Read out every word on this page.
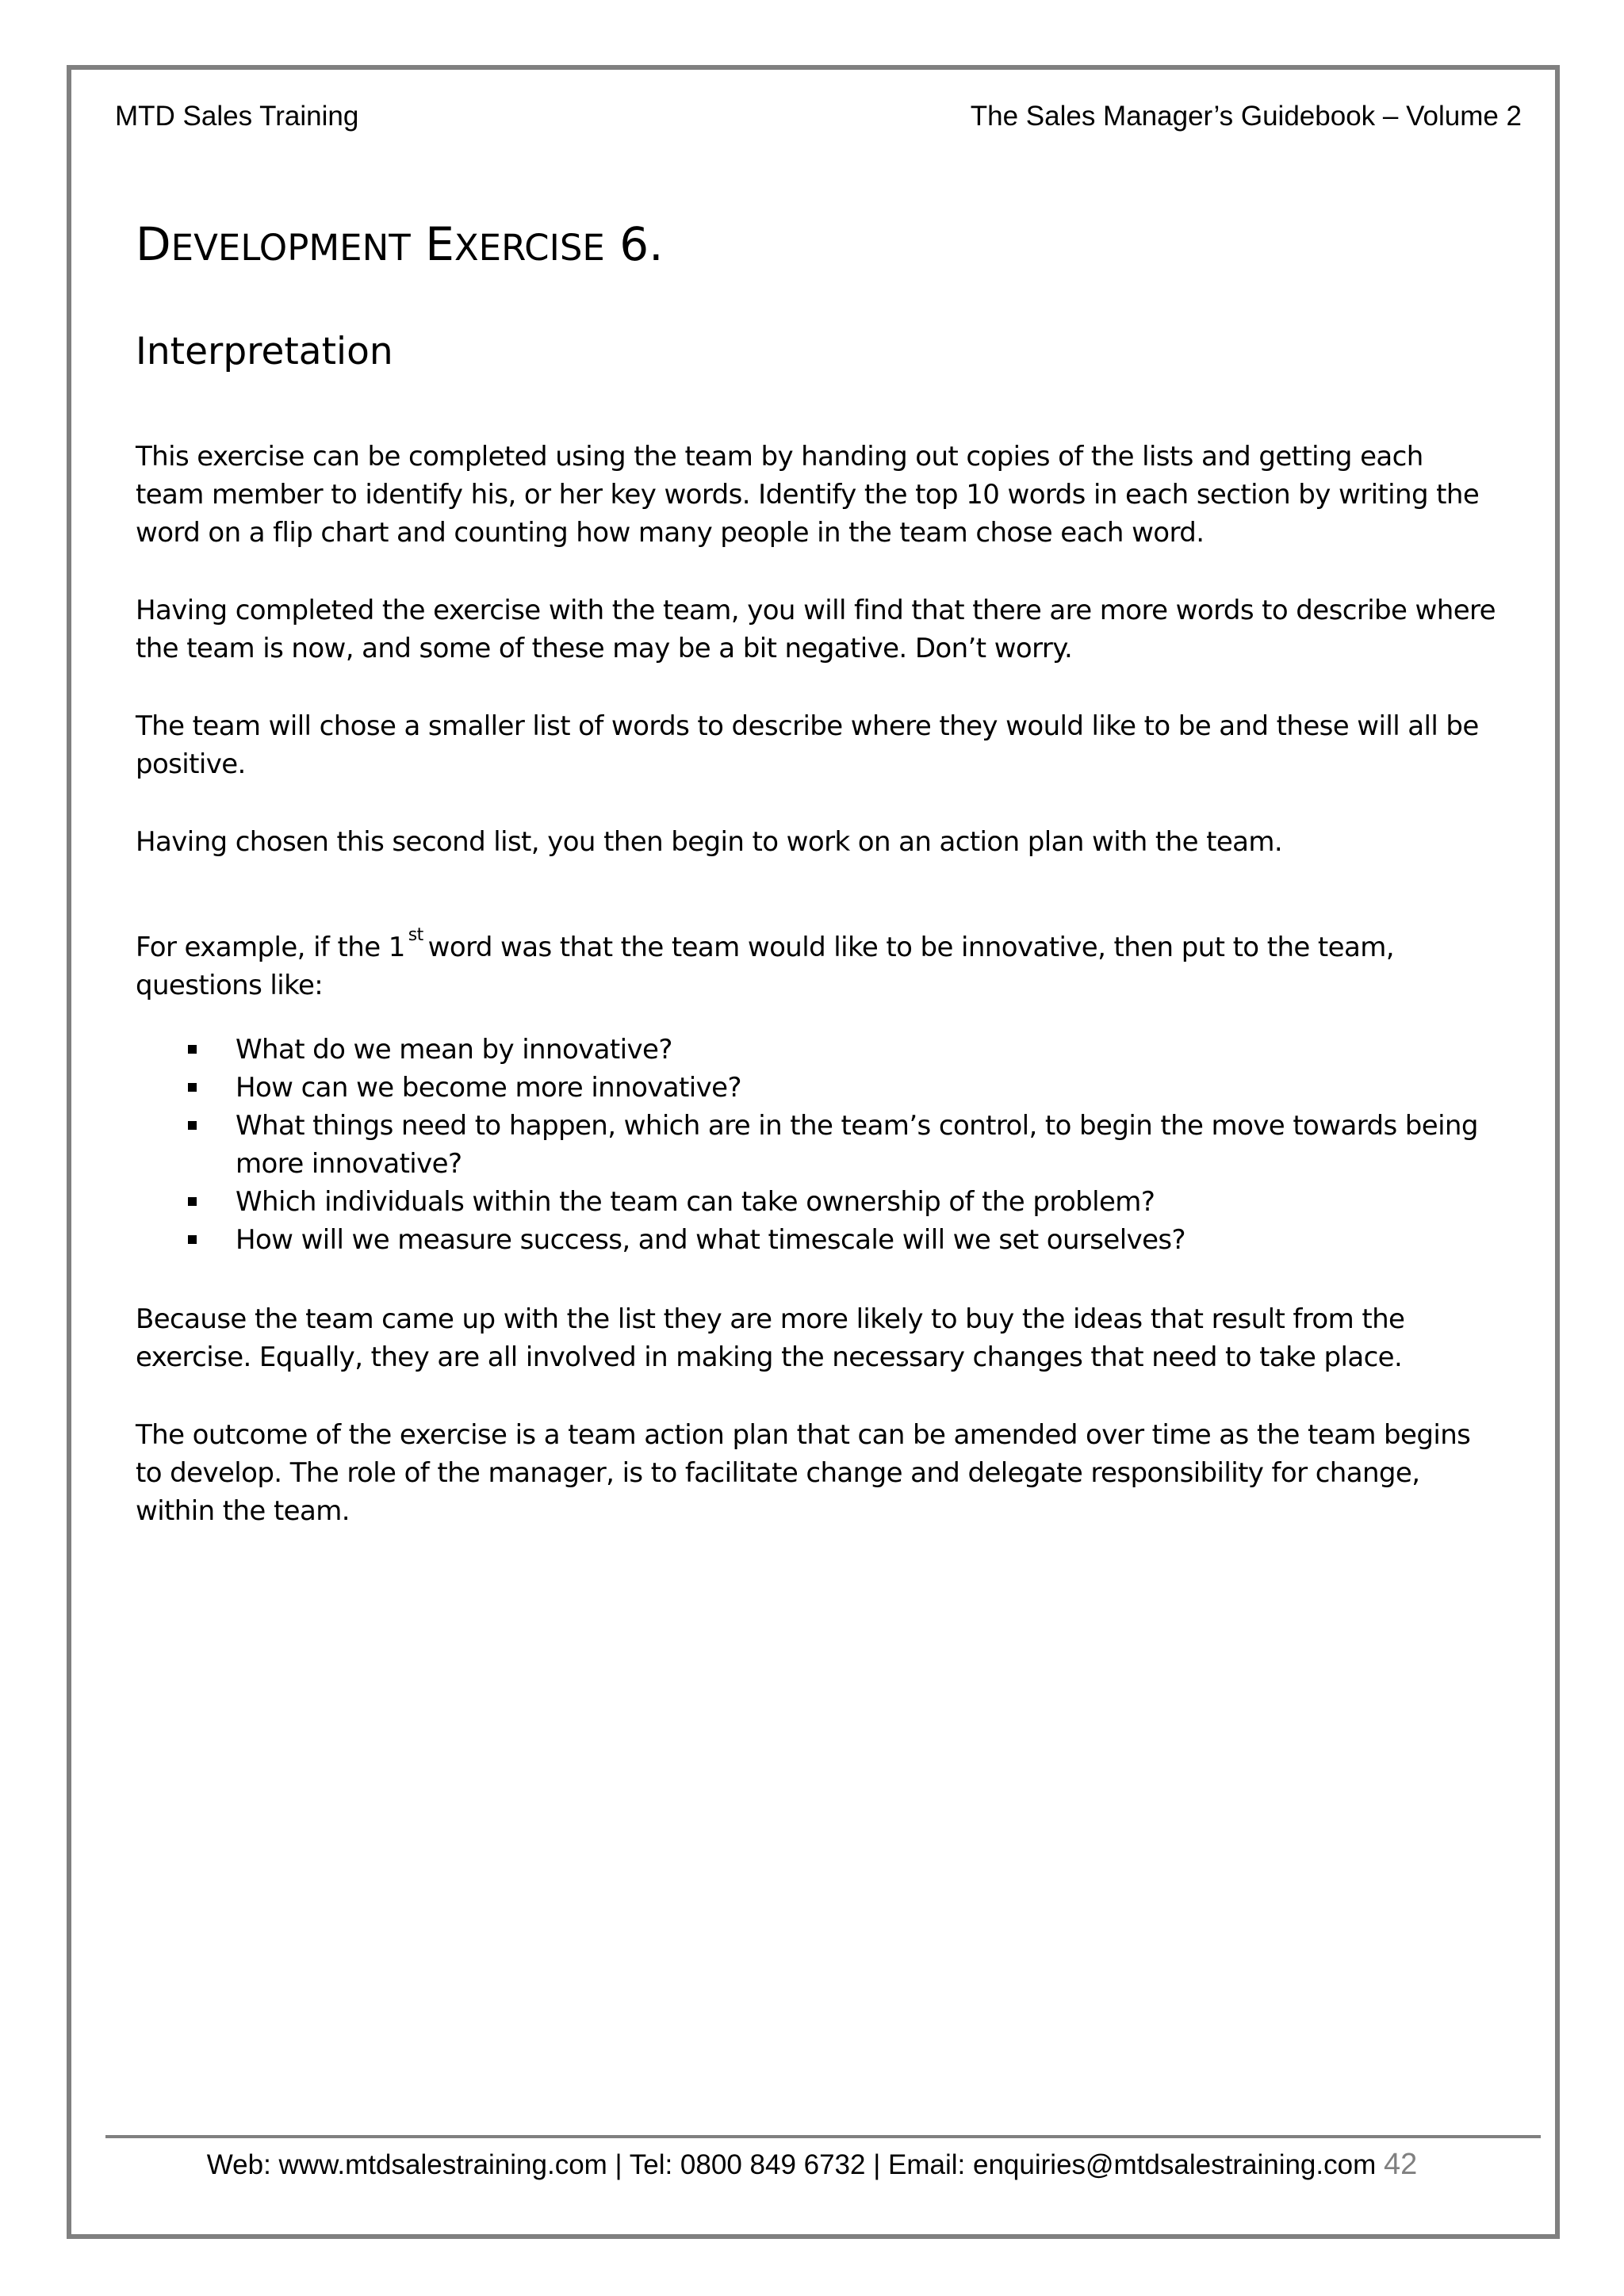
MTD Sales Training	The Sales Manager’s Guidebook – Volume 2
DEVELOPMENT EXERCISE 6.
Interpretation

This exercise can be completed using the team by handing out copies of the lists and getting each team member to identify his, or her key words. Identify the top 10 words in each section by writing the word on a flip chart and counting how many people in the team chose each word.

Having completed the exercise with the team, you will find that there are more words to describe where the team is now, and some of these may be a bit negative. Don’t worry.

The team will chose a smaller list of words to describe where they would like to be and these will all be positive.

Having chosen this second list, you then begin to work on an action plan with the team.

For example, if the 1 $^{st}$ word was that the team would like to be innovative, then put to the team, questions like:

What do we mean by innovative?
How can we become more innovative?
What things need to happen, which are in the team’s control, to begin the move towards being more innovative?
Which individuals within the team can take ownership of the problem?
How will we measure success, and what timescale will we set ourselves?

Because the team came up with the list they are more likely to buy the ideas that result from the exercise. Equally, they are all involved in making the necessary changes that need to take place.

The outcome of the exercise is a team action plan that can be amended over time as the team begins to develop. The role of the manager, is to facilitate change and delegate responsibility for change, within the team.

Web: www.mtdsalestraining.com | Tel: 0800 849 6732 | Email: enquiries@mtdsalestraining.com 42
